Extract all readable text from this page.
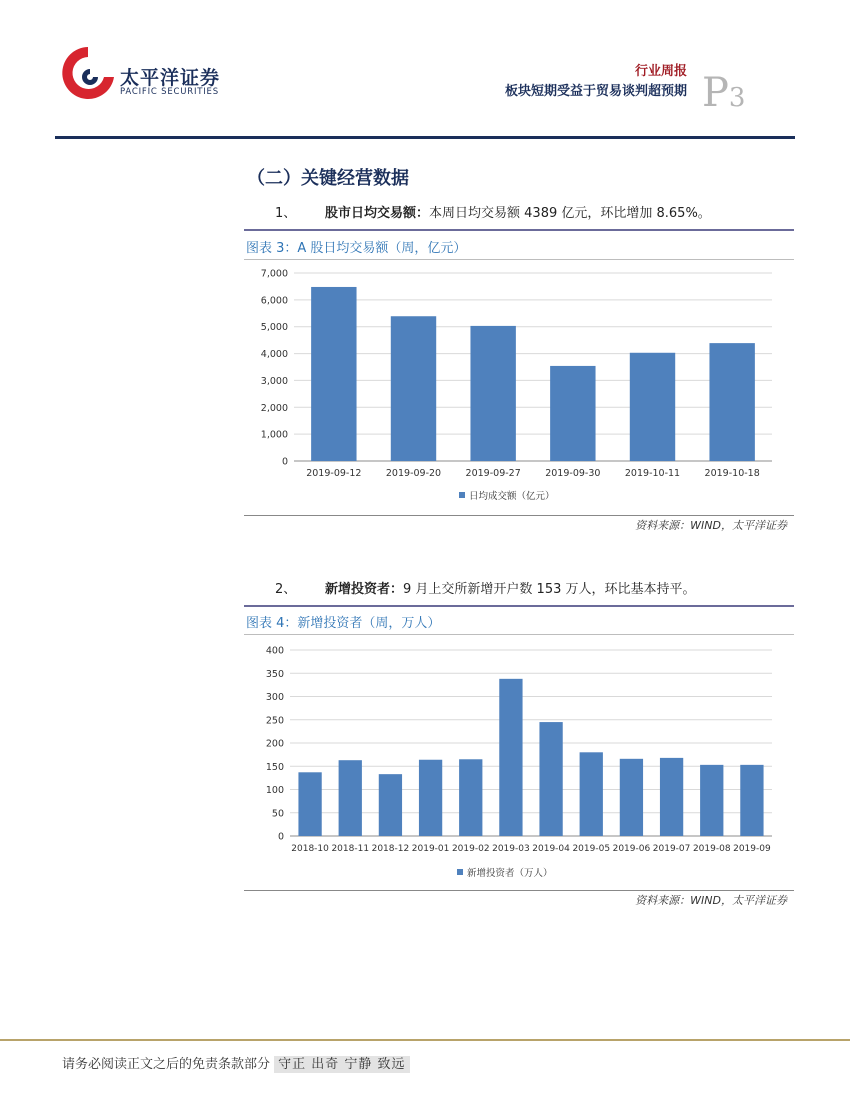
太平洋证券
PACIFIC SECURITIES
行业周报
板块短期受益于贸易谈判超预期 P3
（二）关键经营数据
1、 股市日均交易额：本周日均交易额 4389 亿元，环比增加 8.65%。
图表 3：A 股日均交易额（周，亿元）
0
1,000
2,000
3,000
4,000
5,000
6,000
7,000
2019-09-12	2019-09-20	2019-09-27	2019-09-30	2019-10-11	2019-10-18
日均成交额（亿元）
资料来源：WIND，太平洋证券
2、 新增投资者：9 月上交所新增开户数 153 万人，环比基本持平。
图表 4：新增投资者（周，万人）
0
50
100
150
200
250
300
350
400
2018-10 2018-11 2018-12 2019-01 2019-02 2019-03 2019-04 2019-05 2019-06 2019-07 2019-08 2019-09
新增投资者（万人）
资料来源：WIND，太平洋证券
请务必阅读正文之后的免责条款部分 守正 出奇 宁静 致远
